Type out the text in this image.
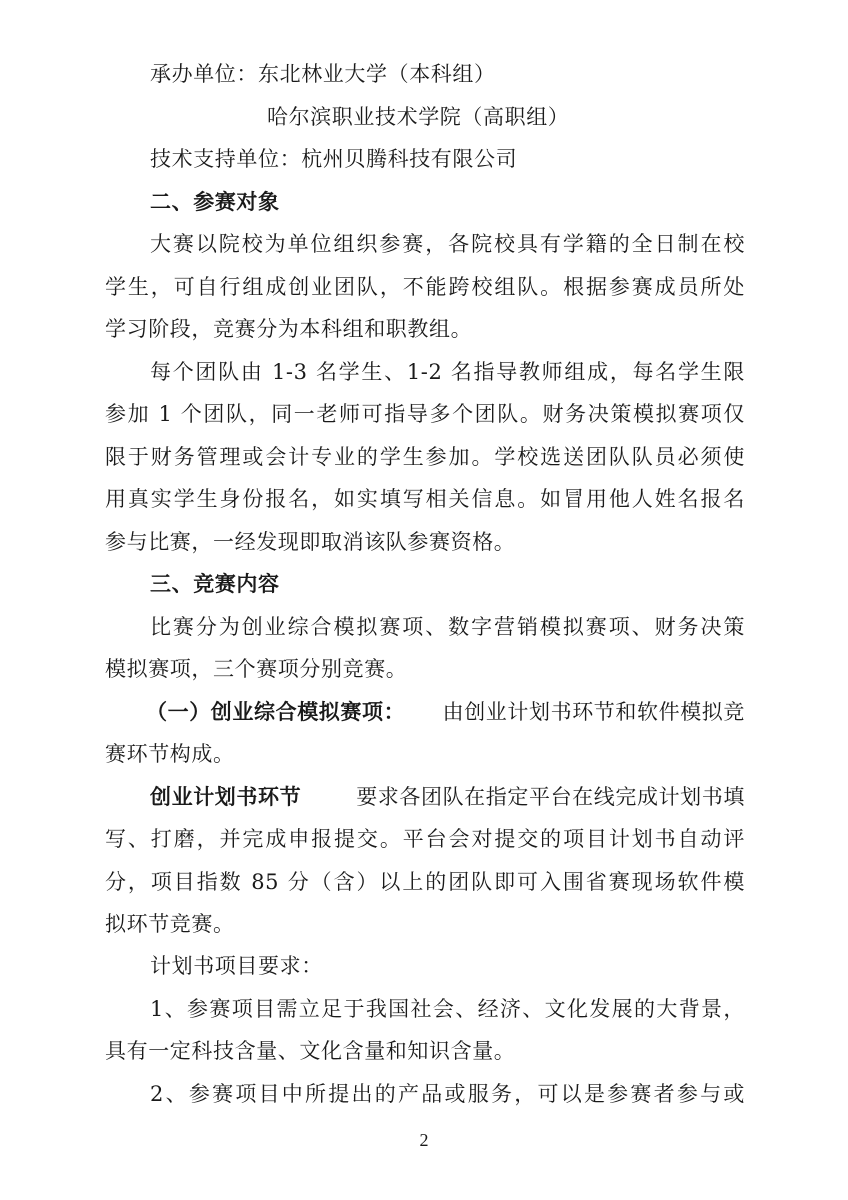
承办单位：东北林业大学（本科组）
哈尔滨职业技术学院（高职组）
技术支持单位：杭州贝腾科技有限公司
二、参赛对象
大赛以院校为单位组织参赛，各院校具有学籍的全日制在校
学生，可自行组成创业团队，不能跨校组队。根据参赛成员所处
学习阶段，竞赛分为本科组和职教组。
每个团队由 1-3 名学生、1-2 名指导教师组成，每名学生限
参加 1 个团队，同一老师可指导多个团队。财务决策模拟赛项仅
限于财务管理或会计专业的学生参加。学校选送团队队员必须使
用真实学生身份报名，如实填写相关信息。如冒用他人姓名报名
参与比赛，一经发现即取消该队参赛资格。
三、竞赛内容
比赛分为创业综合模拟赛项、数字营销模拟赛项、财务决策
模拟赛项，三个赛项分别竞赛。
（一）创业综合模拟赛项： 由创业计划书环节和软件模拟竞
赛环节构成。
创业计划书环节	要求各团队在指定平台在线完成计划书填
写、打磨，并完成申报提交。平台会对提交的项目计划书自动评
分，项目指数 85 分（含）以上的团队即可入围省赛现场软件模
拟环节竞赛。
计划书项目要求：
1、参赛项目需立足于我国社会、经济、文化发展的大背景，
具有一定科技含量、文化含量和知识含量。
2
2、参赛项目中所提出的产品或服务，可以是参赛者参与或
